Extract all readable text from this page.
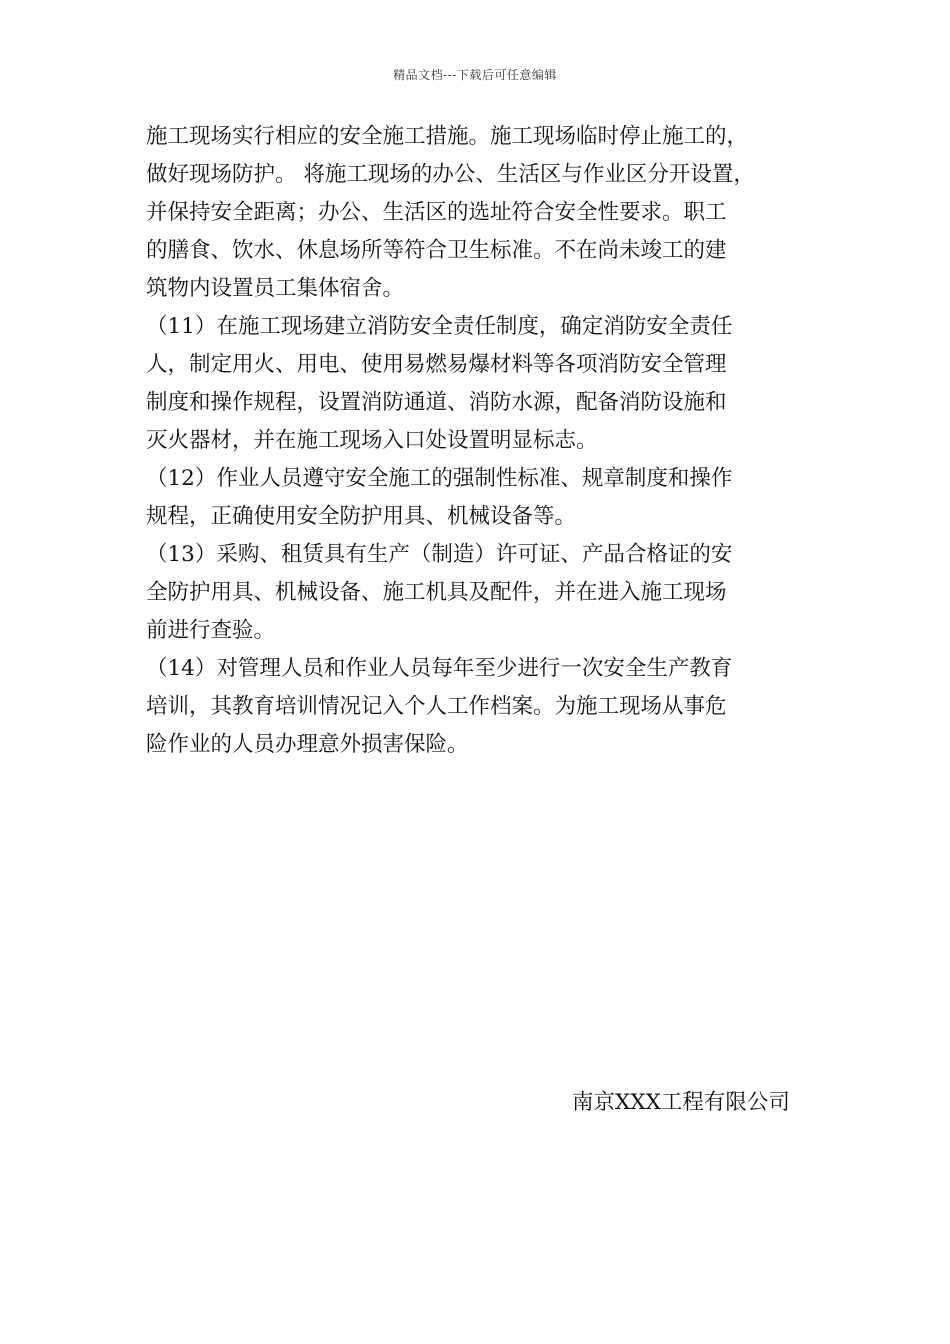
精品文档---下载后可任意编辑
施工现场实行相应的安全施工措施。施工现场临时停止施工的，
做好现场防护。 将施工现场的办公、生活区与作业区分开设置，
并保持安全距离；办公、生活区的选址符合安全性要求。职工
的膳食、饮水、休息场所等符合卫生标准。不在尚未竣工的建
筑物内设置员工集体宿舍。
（11）在施工现场建立消防安全责任制度，确定消防安全责任
人，制定用火、用电、使用易燃易爆材料等各项消防安全管理
制度和操作规程，设置消防通道、消防水源，配备消防设施和
灭火器材，并在施工现场入口处设置明显标志。
（12）作业人员遵守安全施工的强制性标准、规章制度和操作
规程，正确使用安全防护用具、机械设备等。
（13）采购、租赁具有生产（制造）许可证、产品合格证的安
全防护用具、机械设备、施工机具及配件，并在进入施工现场
前进行查验。
（14）对管理人员和作业人员每年至少进行一次安全生产教育
培训，其教育培训情况记入个人工作档案。为施工现场从事危
险作业的人员办理意外损害保险。
南京XXX工程有限公司
